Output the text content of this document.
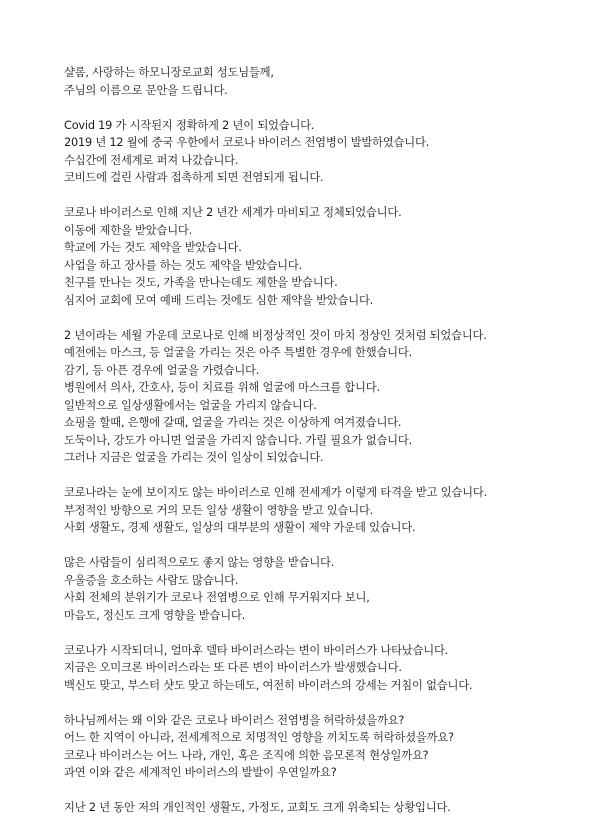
샬롬, 사랑하는 하모니장로교회 성도님들께,
주님의 이름으로 문안을 드립니다.
Covid 19 가 시작된지 정확하게 2 년이 되었습니다.
2019 년 12 월에 중국 우한에서 코로나 바이러스 전염병이 발발하였습니다.
수십간에 전세계로 퍼져 나갔습니다.
코비드에 걸린 사람과 접촉하게 되면 전염되게 됩니다.
코로나 바이러스로 인해 지난 2 년간 세계가 마비되고 정체되었습니다.
이동에 제한을 받았습니다.
학교에 가는 것도 제약을 받았습니다.
사업을 하고 장사를 하는 것도 제약을 받았습니다.
친구를 만나는 것도, 가족을 만나는데도 제한을 받습니다.
심지어 교회에 모여 예배 드리는 것에도 심한 제약을 받았습니다.
2 년이라는 세월 가운데 코로나로 인해 비정상적인 것이 마치 정상인 것처럼 되었습니다.
예전에는 마스크, 등 얼굴을 가리는 것은 아주 특별한 경우에 한했습니다.
감기, 등 아픈 경우에 얼굴을 가렸습니다.
병원에서 의사, 간호사, 등이 치료를 위해 얼굴에 마스크를 합니다.
일반적으로 일상생활에서는 얼굴을 가리지 않습니다.
쇼핑을 할때, 은행에 갈때, 얼굴을 가리는 것은 이상하게 여겨졌습니다.
도둑이나, 강도가 아니면 얼굴을 가리지 않습니다. 가릴 필요가 없습니다.
그러나 지금은 얼굴을 가리는 것이 일상이 되었습니다.
코로나라는 눈에 보이지도 않는 바이러스로 인해 전세계가 이렇게 타격을 받고 있습니다.
부정적인 방향으로 거의 모든 일상 생활이 영향을 받고 있습니다.
사회 생활도, 경제 생활도, 일상의 대부분의 생활이 제약 가운데 있습니다.
많은 사람들이 심리적으로도 좋지 않는 영향을 받습니다.
우울증을 호소하는 사람도 많습니다.
사회 전체의 분위기가 코로나 전염병으로 인해 무거워지다 보니,
마음도, 정신도 크게 영향을 받습니다.
코로나가 시작되더니, 얼마후 델타 바이러스라는 변이 바이러스가 나타났습니다.
지금은 오미크론 바이러스라는 또 다른 변이 바이러스가 발생했습니다.
백신도 맞고, 부스터 샷도 맞고 하는데도, 여전히 바이러스의 강세는 거침이 없습니다.
하나님께서는 왜 이와 같은 코로나 바이러스 전염병을 허락하셨을까요?
어느 한 지역이 아니라, 전세계적으로 치명적인 영향을 끼치도록 허락하셨을까요?
코로나 바이러스는 어느 나라, 개인, 혹은 조직에 의한 음모론적 현상일까요?
과연 이와 같은 세계적인 바이러스의 발발이 우연일까요?
지난 2 년 동안 저의 개인적인 생활도, 가정도, 교회도 크게 위축되는 상황입니다.
